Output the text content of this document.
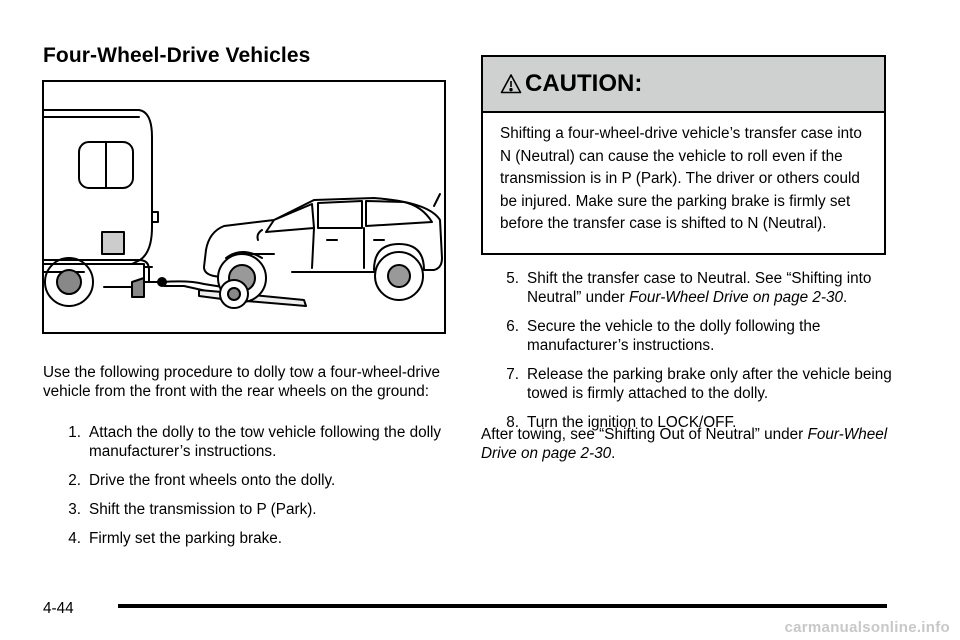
Four-Wheel-Drive Vehicles
Use the following procedure to dolly tow a four-wheel-drive vehicle from the front with the rear wheels on the ground:
1. Attach the dolly to the tow vehicle following the dolly manufacturer’s instructions.
2. Drive the front wheels onto the dolly.
3. Shift the transmission to P (Park).
4. Firmly set the parking brake.
CAUTION:
Shifting a four-wheel-drive vehicle’s transfer case into N (Neutral) can cause the vehicle to roll even if the transmission is in P (Park). The driver or others could be injured. Make sure the parking brake is firmly set before the transfer case is shifted to N (Neutral).
5. Shift the transfer case to Neutral. See “Shifting into Neutral” under Four-Wheel Drive on page 2-30.
6. Secure the vehicle to the dolly following the manufacturer’s instructions.
7. Release the parking brake only after the vehicle being towed is firmly attached to the dolly.
8. Turn the ignition to LOCK/OFF.
After towing, see “Shifting Out of Neutral” under Four-Wheel Drive on page 2-30.
4-44
carmanualsonline.info
